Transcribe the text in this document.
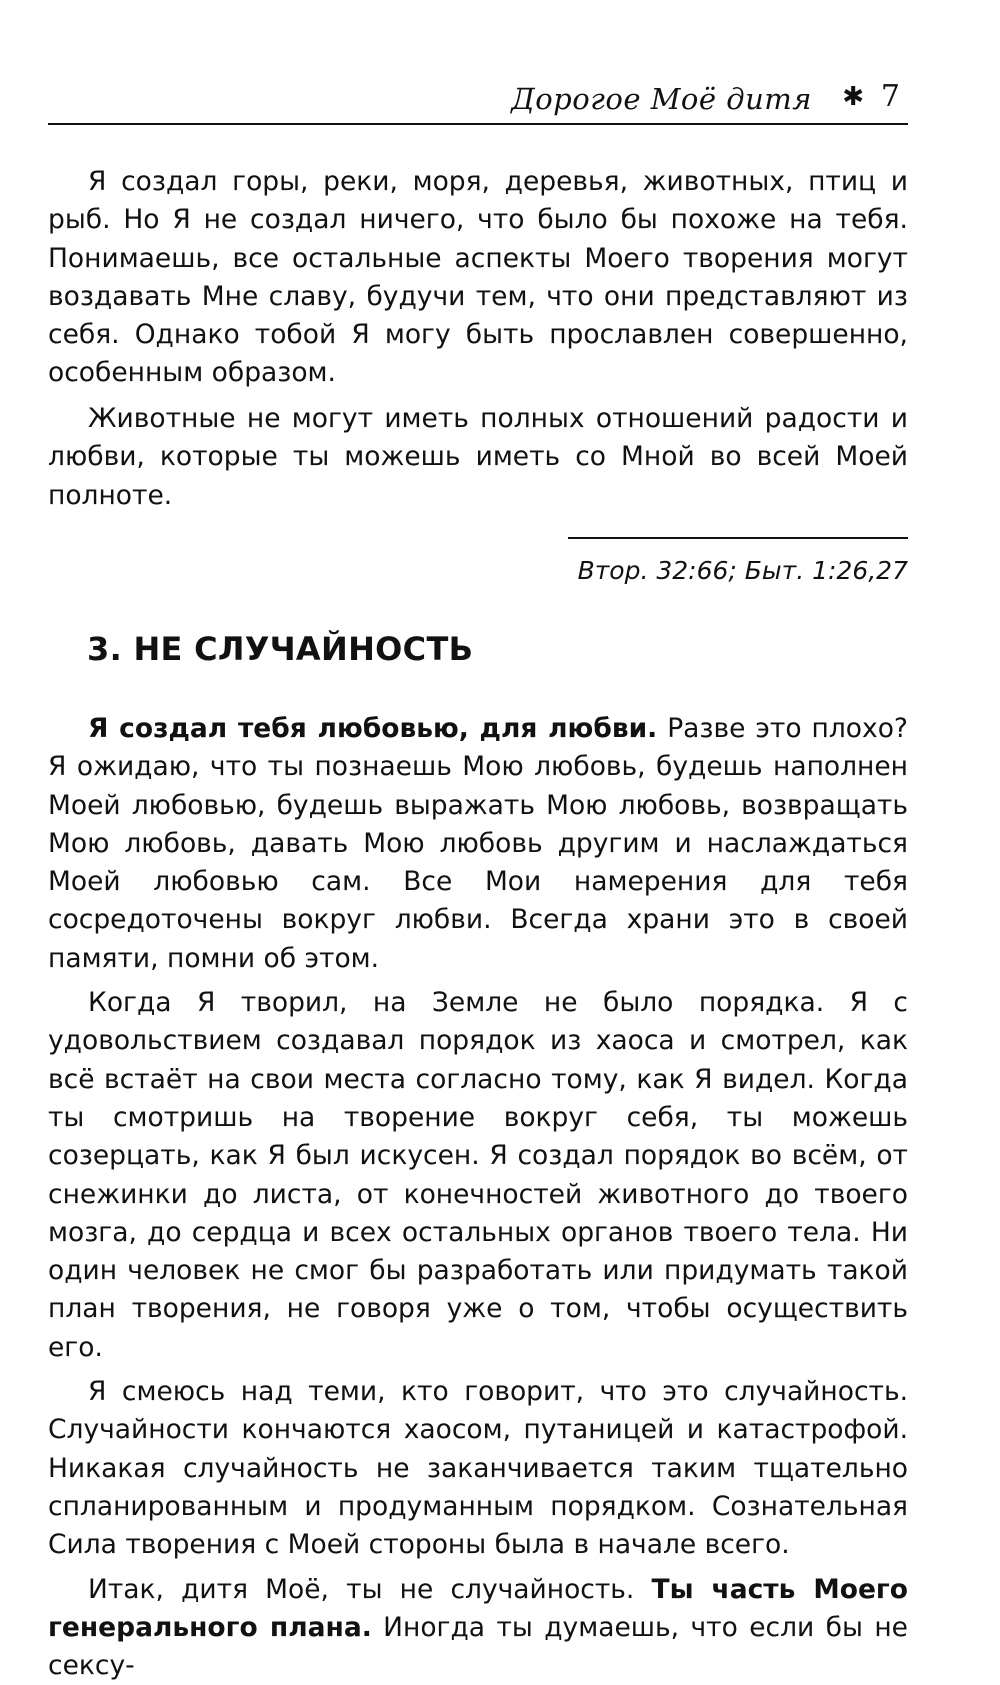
Дорогое Моё дитя ✱ 7

Я создал горы, реки, моря, деревья, животных, птиц и рыб. Но Я не создал ничего, что было бы похоже на тебя. Понимаешь, все остальные аспекты Моего творения могут воздавать Мне славу, будучи тем, что они представляют из себя. Однако тобой Я могу быть прославлен совершенно, особенным образом.

Животные не могут иметь полных отношений радости и любви, которые ты можешь иметь со Мной во всей Моей полноте.

Втор. 32:66; Быт. 1:26,27
3. НЕ СЛУЧАЙНОСТЬ

Я создал тебя любовью, для любви. Разве это плохо? Я ожидаю, что ты познаешь Мою любовь, будешь наполнен Моей любовью, будешь выражать Мою любовь, возвращать Мою любовь, давать Мою любовь другим и наслаждаться Моей любовью сам. Все Мои намерения для тебя сосредоточены вокруг любви. Всегда храни это в своей памяти, помни об этом.

Когда Я творил, на Земле не было порядка. Я с удовольствием создавал порядок из хаоса и смотрел, как всё встаёт на свои места согласно тому, как Я видел. Когда ты смотришь на творение вокруг себя, ты можешь созерцать, как Я был искусен. Я создал порядок во всём, от снежинки до листа, от конечностей животного до твоего мозга, до сердца и всех остальных органов твоего тела. Ни один человек не смог бы разработать или придумать такой план творения, не говоря уже о том, чтобы осуществить его.

Я смеюсь над теми, кто говорит, что это случайность. Случайности кончаются хаосом, путаницей и катастрофой. Никакая случайность не заканчивается таким тщательно спланированным и продуманным порядком. Сознательная Сила творения с Моей стороны была в начале всего.

Итак, дитя Моё, ты не случайность. Ты часть Моего генерального плана. Иногда ты думаешь, что если бы не сексу-
